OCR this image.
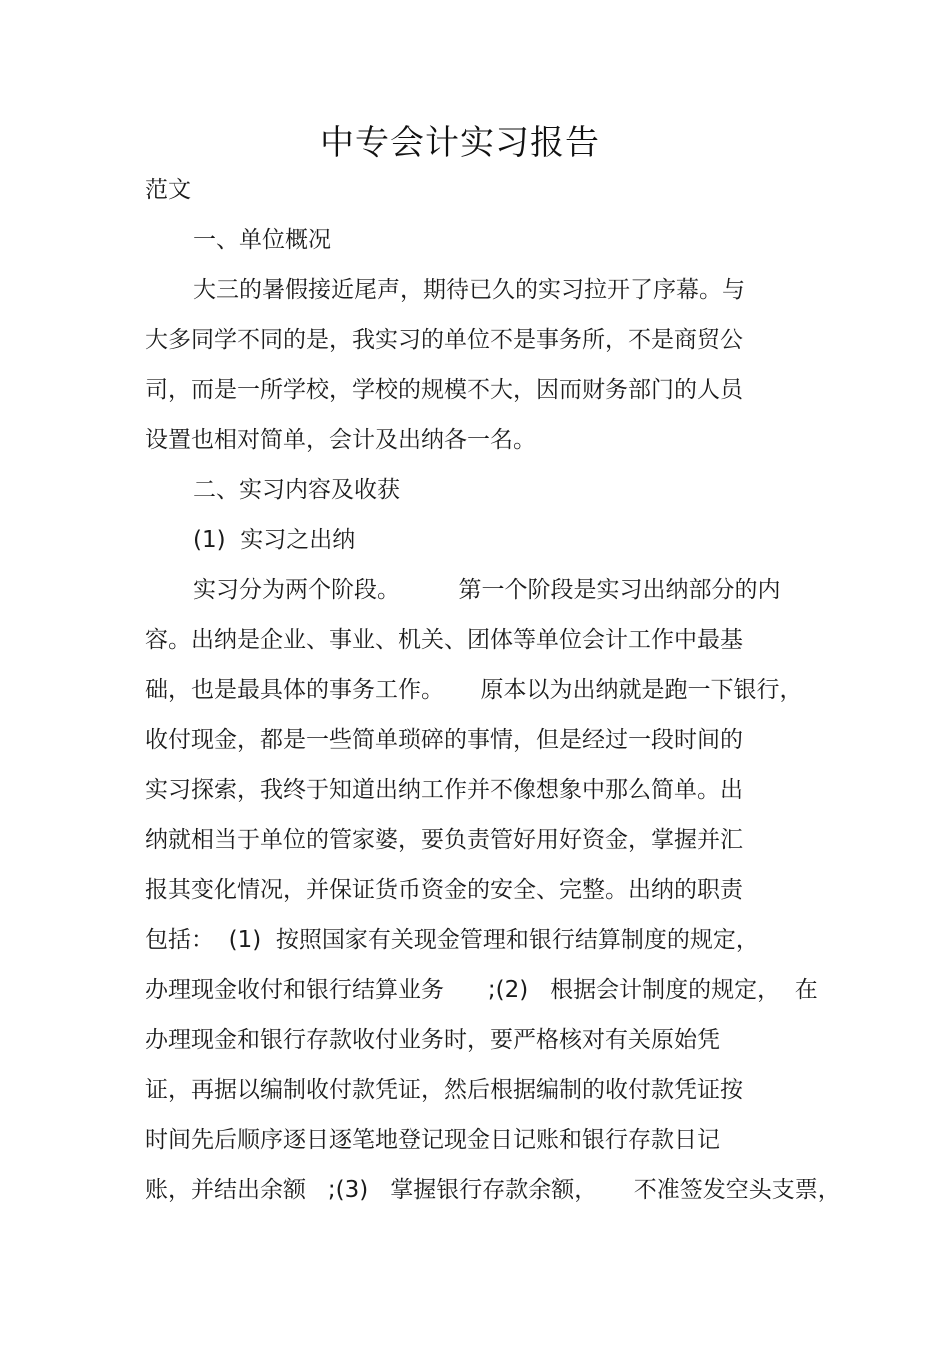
中专会计实习报告
范文
一、单位概况
大三的暑假接近尾声，期待已久的实习拉开了序幕。与
大多同学不同的是，我实习的单位不是事务所，不是商贸公
司，而是一所学校，学校的规模不大，因而财务部门的人员
设置也相对简单，会计及出纳各一名。
二、实习内容及收获
(1)  实习之出纳
实习分为两个阶段。        第一个阶段是实习出纳部分的内
容。出纳是企业、事业、机关、团体等单位会计工作中最基
础，也是最具体的事务工作。     原本以为出纳就是跑一下银行，
收付现金，都是一些简单琐碎的事情，但是经过一段时间的
实习探索，我终于知道出纳工作并不像想象中那么简单。出
纳就相当于单位的管家婆，要负责管好用好资金，掌握并汇
报其变化情况，并保证货币资金的安全、完整。出纳的职责
包括：  (1)  按照国家有关现金管理和银行结算制度的规定，
办理现金收付和银行结算业务      ;(2)   根据会计制度的规定，  在
办理现金和银行存款收付业务时，要严格核对有关原始凭
证，再据以编制收付款凭证，然后根据编制的收付款凭证按
时间先后顺序逐日逐笔地登记现金日记账和银行存款日记
账，并结出余额   ;(3)   掌握银行存款余额，     不准签发空头支票，
